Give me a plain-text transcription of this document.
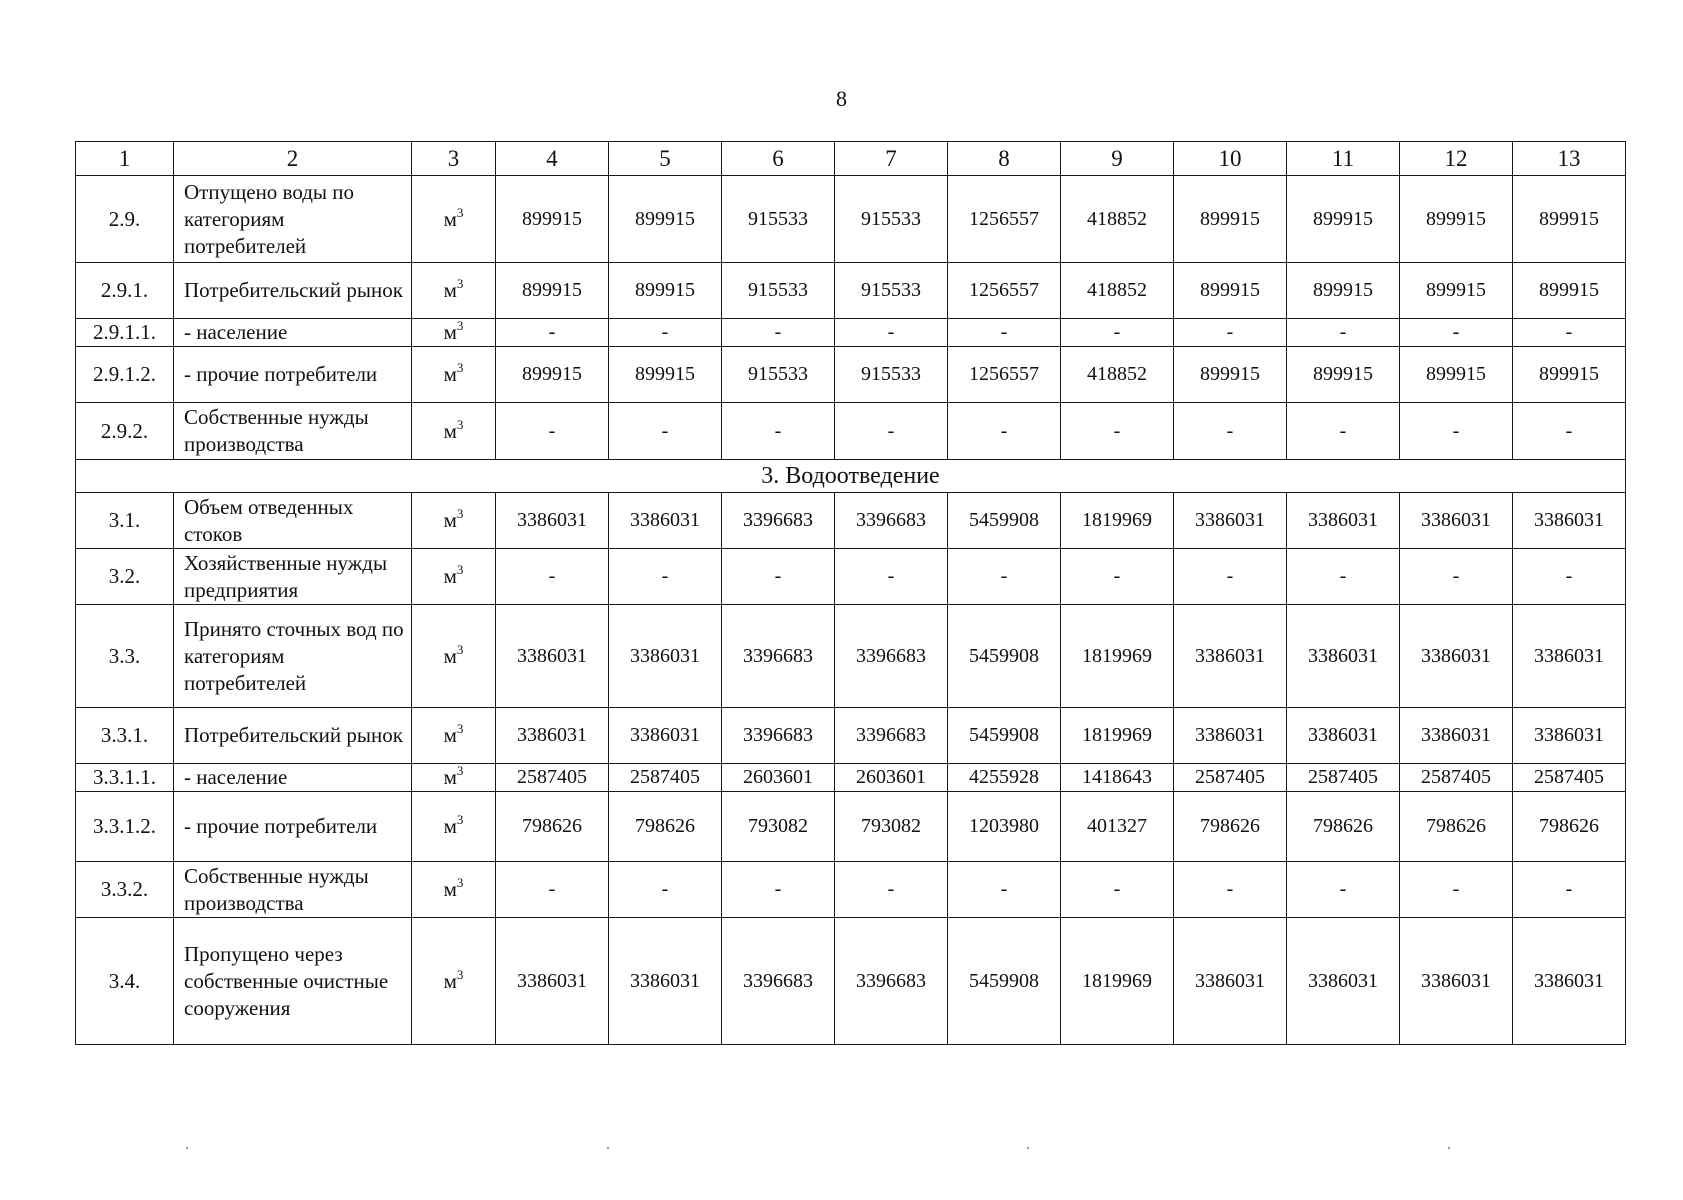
8
1	2	3	4	5	6	7	8	9	10	11	12	13
2.9.	Отпущено воды по категориям потребителей	$м^3$	899915	899915	915533	915533	1256557	418852	899915	899915	899915	899915
2.9.1.	Потребительский рынок	$м^3$	899915	899915	915533	915533	1256557	418852	899915	899915	899915	899915
2.9.1.1.	- население	$м^3$	-	-	-	-	-	-	-	-	-	-
2.9.1.2.	- прочие потребители	$м^3$	899915	899915	915533	915533	1256557	418852	899915	899915	899915	899915
2.9.2.	Собственные нужды производства	$м^3$	-	-	-	-	-	-	-	-	-	-
3. Водоотведение												
3.1.	Объем отведенных стоков	$м^3$	3386031	3386031	3396683	3396683	5459908	1819969	3386031	3386031	3386031	3386031
3.2.	Хозяйственные нужды предприятия	$м^3$	-	-	-	-	-	-	-	-	-	-
3.3.	Принято сточных вод по категориям потребителей	$м^3$	3386031	3386031	3396683	3396683	5459908	1819969	3386031	3386031	3386031	3386031
3.3.1.	Потребительский рынок	$м^3$	3386031	3386031	3396683	3396683	5459908	1819969	3386031	3386031	3386031	3386031
3.3.1.1.	- население	$м^3$	2587405	2587405	2603601	2603601	4255928	1418643	2587405	2587405	2587405	2587405
3.3.1.2.	- прочие потребители	$м^3$	798626	798626	793082	793082	1203980	401327	798626	798626	798626	798626
3.3.2.	Собственные нужды производства	$м^3$	-	-	-	-	-	-	-	-	-	-
3.4.	Пропущено через собственные очистные сооружения	$м^3$	3386031	3386031	3396683	3396683	5459908	1819969	3386031	3386031	3386031	3386031
